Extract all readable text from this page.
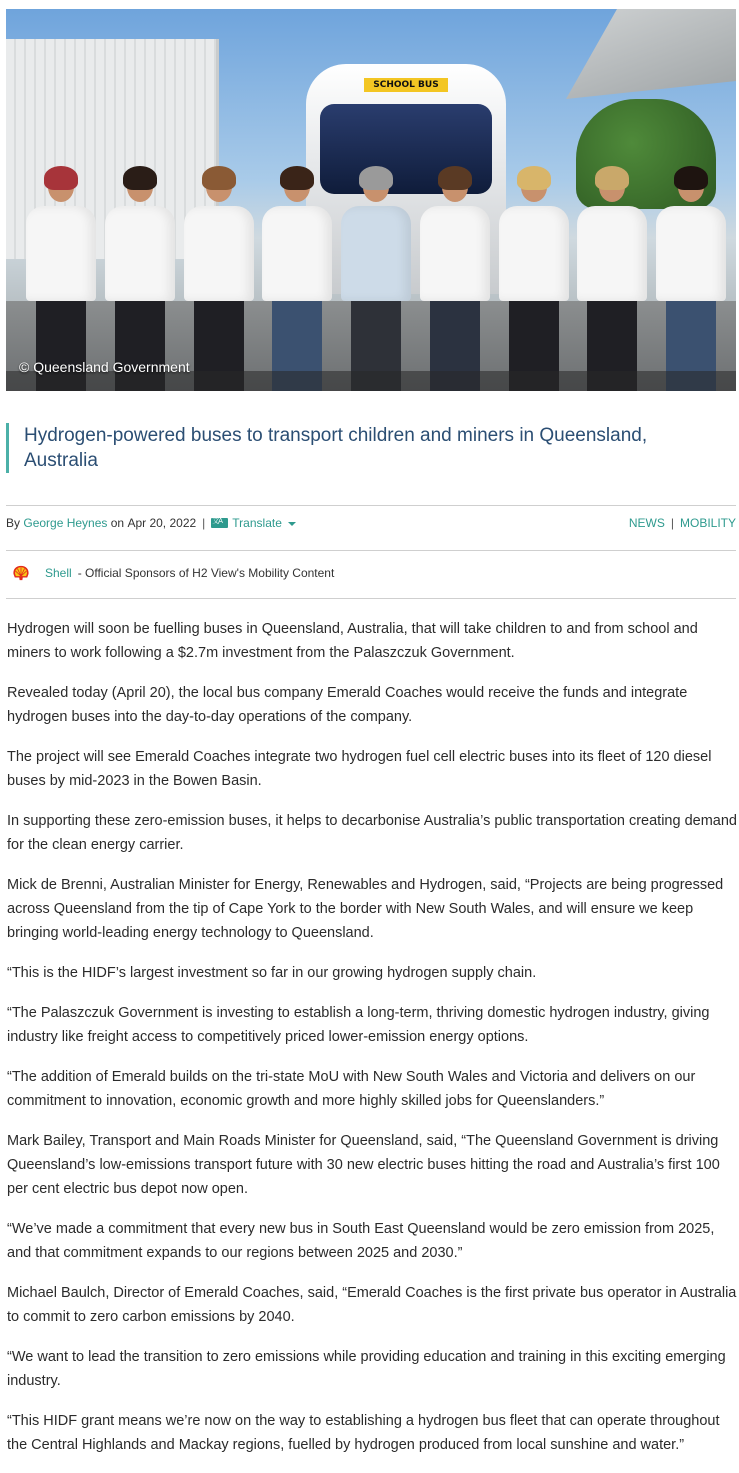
SCHOOL BUS
© Queensland Government
Hydrogen-powered buses to transport children and miners in Queensland, Australia
By
George Heynes
on
Apr 20, 2022 |
文A	Translate	NEWS | MOBILITY
Shell - Official Sponsors of H2 View's Mobility Content

Hydrogen will soon be fuelling buses in Queensland, Australia, that will take children to and from school and miners to work following a $2.7m investment from the Palaszczuk Government.

Revealed today (April 20), the local bus company Emerald Coaches would receive the funds and integrate hydrogen buses into the day-to-day operations of the company.

The project will see Emerald Coaches integrate two hydrogen fuel cell electric buses into its fleet of 120 diesel buses by mid-2023 in the Bowen Basin.

In supporting these zero-emission buses, it helps to decarbonise Australia’s public transportation creating demand for the clean energy carrier.

Mick de Brenni, Australian Minister for Energy, Renewables and Hydrogen, said, “Projects are being progressed across Queensland from the tip of Cape York to the border with New South Wales, and will ensure we keep bringing world-leading energy technology to Queensland.

“This is the HIDF’s largest investment so far in our growing hydrogen supply chain.

“The Palaszczuk Government is investing to establish a long-term, thriving domestic hydrogen industry, giving industry like freight access to competitively priced lower-emission energy options.

“The addition of Emerald builds on the tri-state MoU with New South Wales and Victoria and delivers on our commitment to innovation, economic growth and more highly skilled jobs for Queenslanders.”

Mark Bailey, Transport and Main Roads Minister for Queensland, said, “The Queensland Government is driving Queensland’s low-emissions transport future with 30 new electric buses hitting the road and Australia’s first 100 per cent electric bus depot now open.

“We’ve made a commitment that every new bus in South East Queensland would be zero emission from 2025, and that commitment expands to our regions between 2025 and 2030.”

Michael Baulch, Director of Emerald Coaches, said, “Emerald Coaches is the first private bus operator in Australia to commit to zero carbon emissions by 2040.

“We want to lead the transition to zero emissions while providing education and training in this exciting emerging industry.

“This HIDF grant means we’re now on the way to establishing a hydrogen bus fleet that can operate throughout the Central Highlands and Mackay regions, fuelled by hydrogen produced from local sunshine and water.”
